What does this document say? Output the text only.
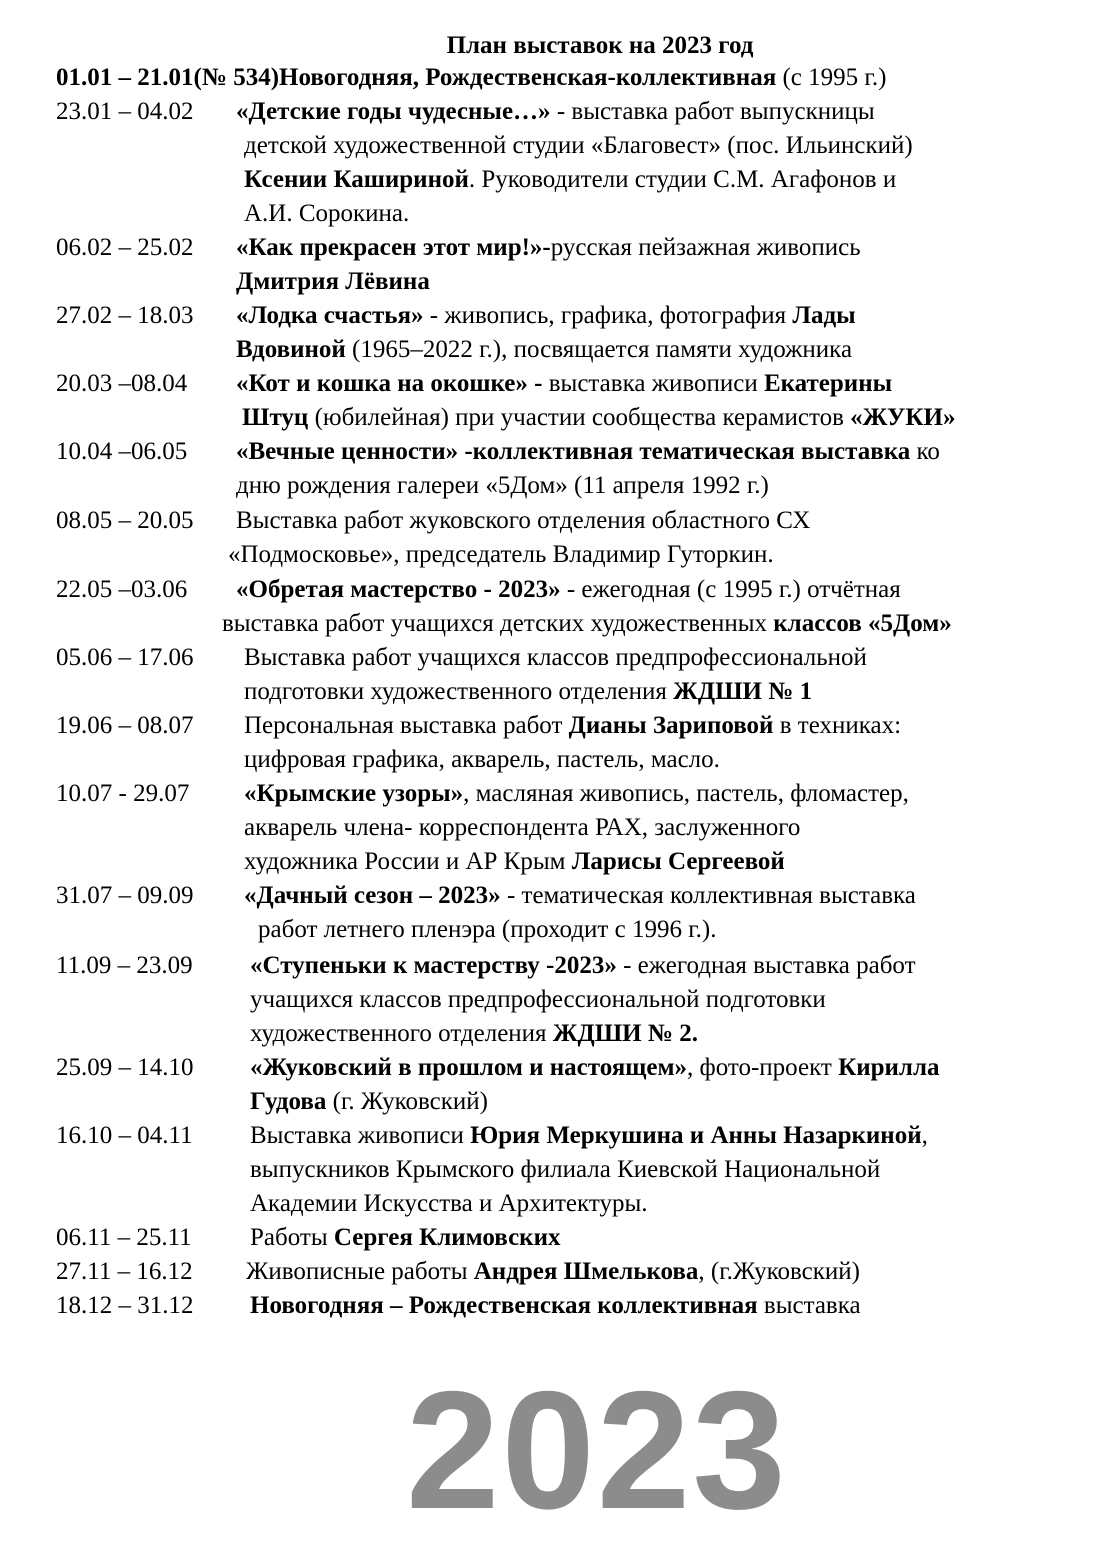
План выставок на 2023 год
01.01 – 21.01(№ 534) Новогодняя, Рождественская-коллективная (с 1995 г.)
23.01 – 04.02 «Детские годы чудесные…» - выставка работ выпускницы
детской художественной студии «Благовест» (пос. Ильинский)
Ксении Кашириной. Руководители студии С.М. Агафонов и
А.И. Сорокина.
06.02 – 25.02 «Как прекрасен этот мир!»-русская пейзажная живопись
Дмитрия Лёвина
27.02 – 18.03 «Лодка счастья» - живопись, графика, фотография Лады
Вдовиной (1965–2022 г.), посвящается памяти художника
20.03 –08.04 «Кот и кошка на окошке» - выставка живописи Екатерины
Штуц (юбилейная) при участии сообщества керамистов «ЖУКИ»
10.04 –06.05 «Вечные ценности» -коллективная тематическая выставка ко
дню рождения галереи «5Дом» (11 апреля 1992 г.)
08.05 – 20.05 Выставка работ жуковского отделения областного СХ
«Подмосковье», председатель Владимир Гуторкин.
22.05 –03.06 «Обретая мастерство - 2023» - ежегодная (с 1995 г.) отчётная
выставка работ учащихся детских художественных классов «5Дом»
05.06 – 17.06 Выставка работ учащихся классов предпрофессиональной
подготовки художественного отделения ЖДШИ № 1
19.06 – 08.07 Персональная выставка работ Дианы Зариповой в техниках:
цифровая графика, акварель, пастель, масло.
10.07 - 29.07 «Крымские узоры», масляная живопись, пастель, фломастер,
акварель члена- корреспондента РАХ, заслуженного
художника России и АР Крым Ларисы Сергеевой
31.07 – 09.09 «Дачный сезон – 2023» - тематическая коллективная выставка
работ летнего пленэра (проходит с 1996 г.).
11.09 – 23.09 «Ступеньки к мастерству -2023» - ежегодная выставка работ
учащихся классов предпрофессиональной подготовки
художественного отделения ЖДШИ № 2.
25.09 – 14.10 «Жуковский в прошлом и настоящем», фото-проект Кирилла
Гудова (г. Жуковский)
16.10 – 04.11 Выставка живописи Юрия Меркушина и Анны Назаркиной,
выпускников Крымского филиала Киевской Национальной
Академии Искусства и Архитектуры.
06.11 – 25.11 Работы Сергея Климовских
27.11 – 16.12 Живописные работы Андрея Шмелькова, (г.Жуковский)
18.12 – 31.12 Новогодняя – Рождественская коллективная выставка
2023
